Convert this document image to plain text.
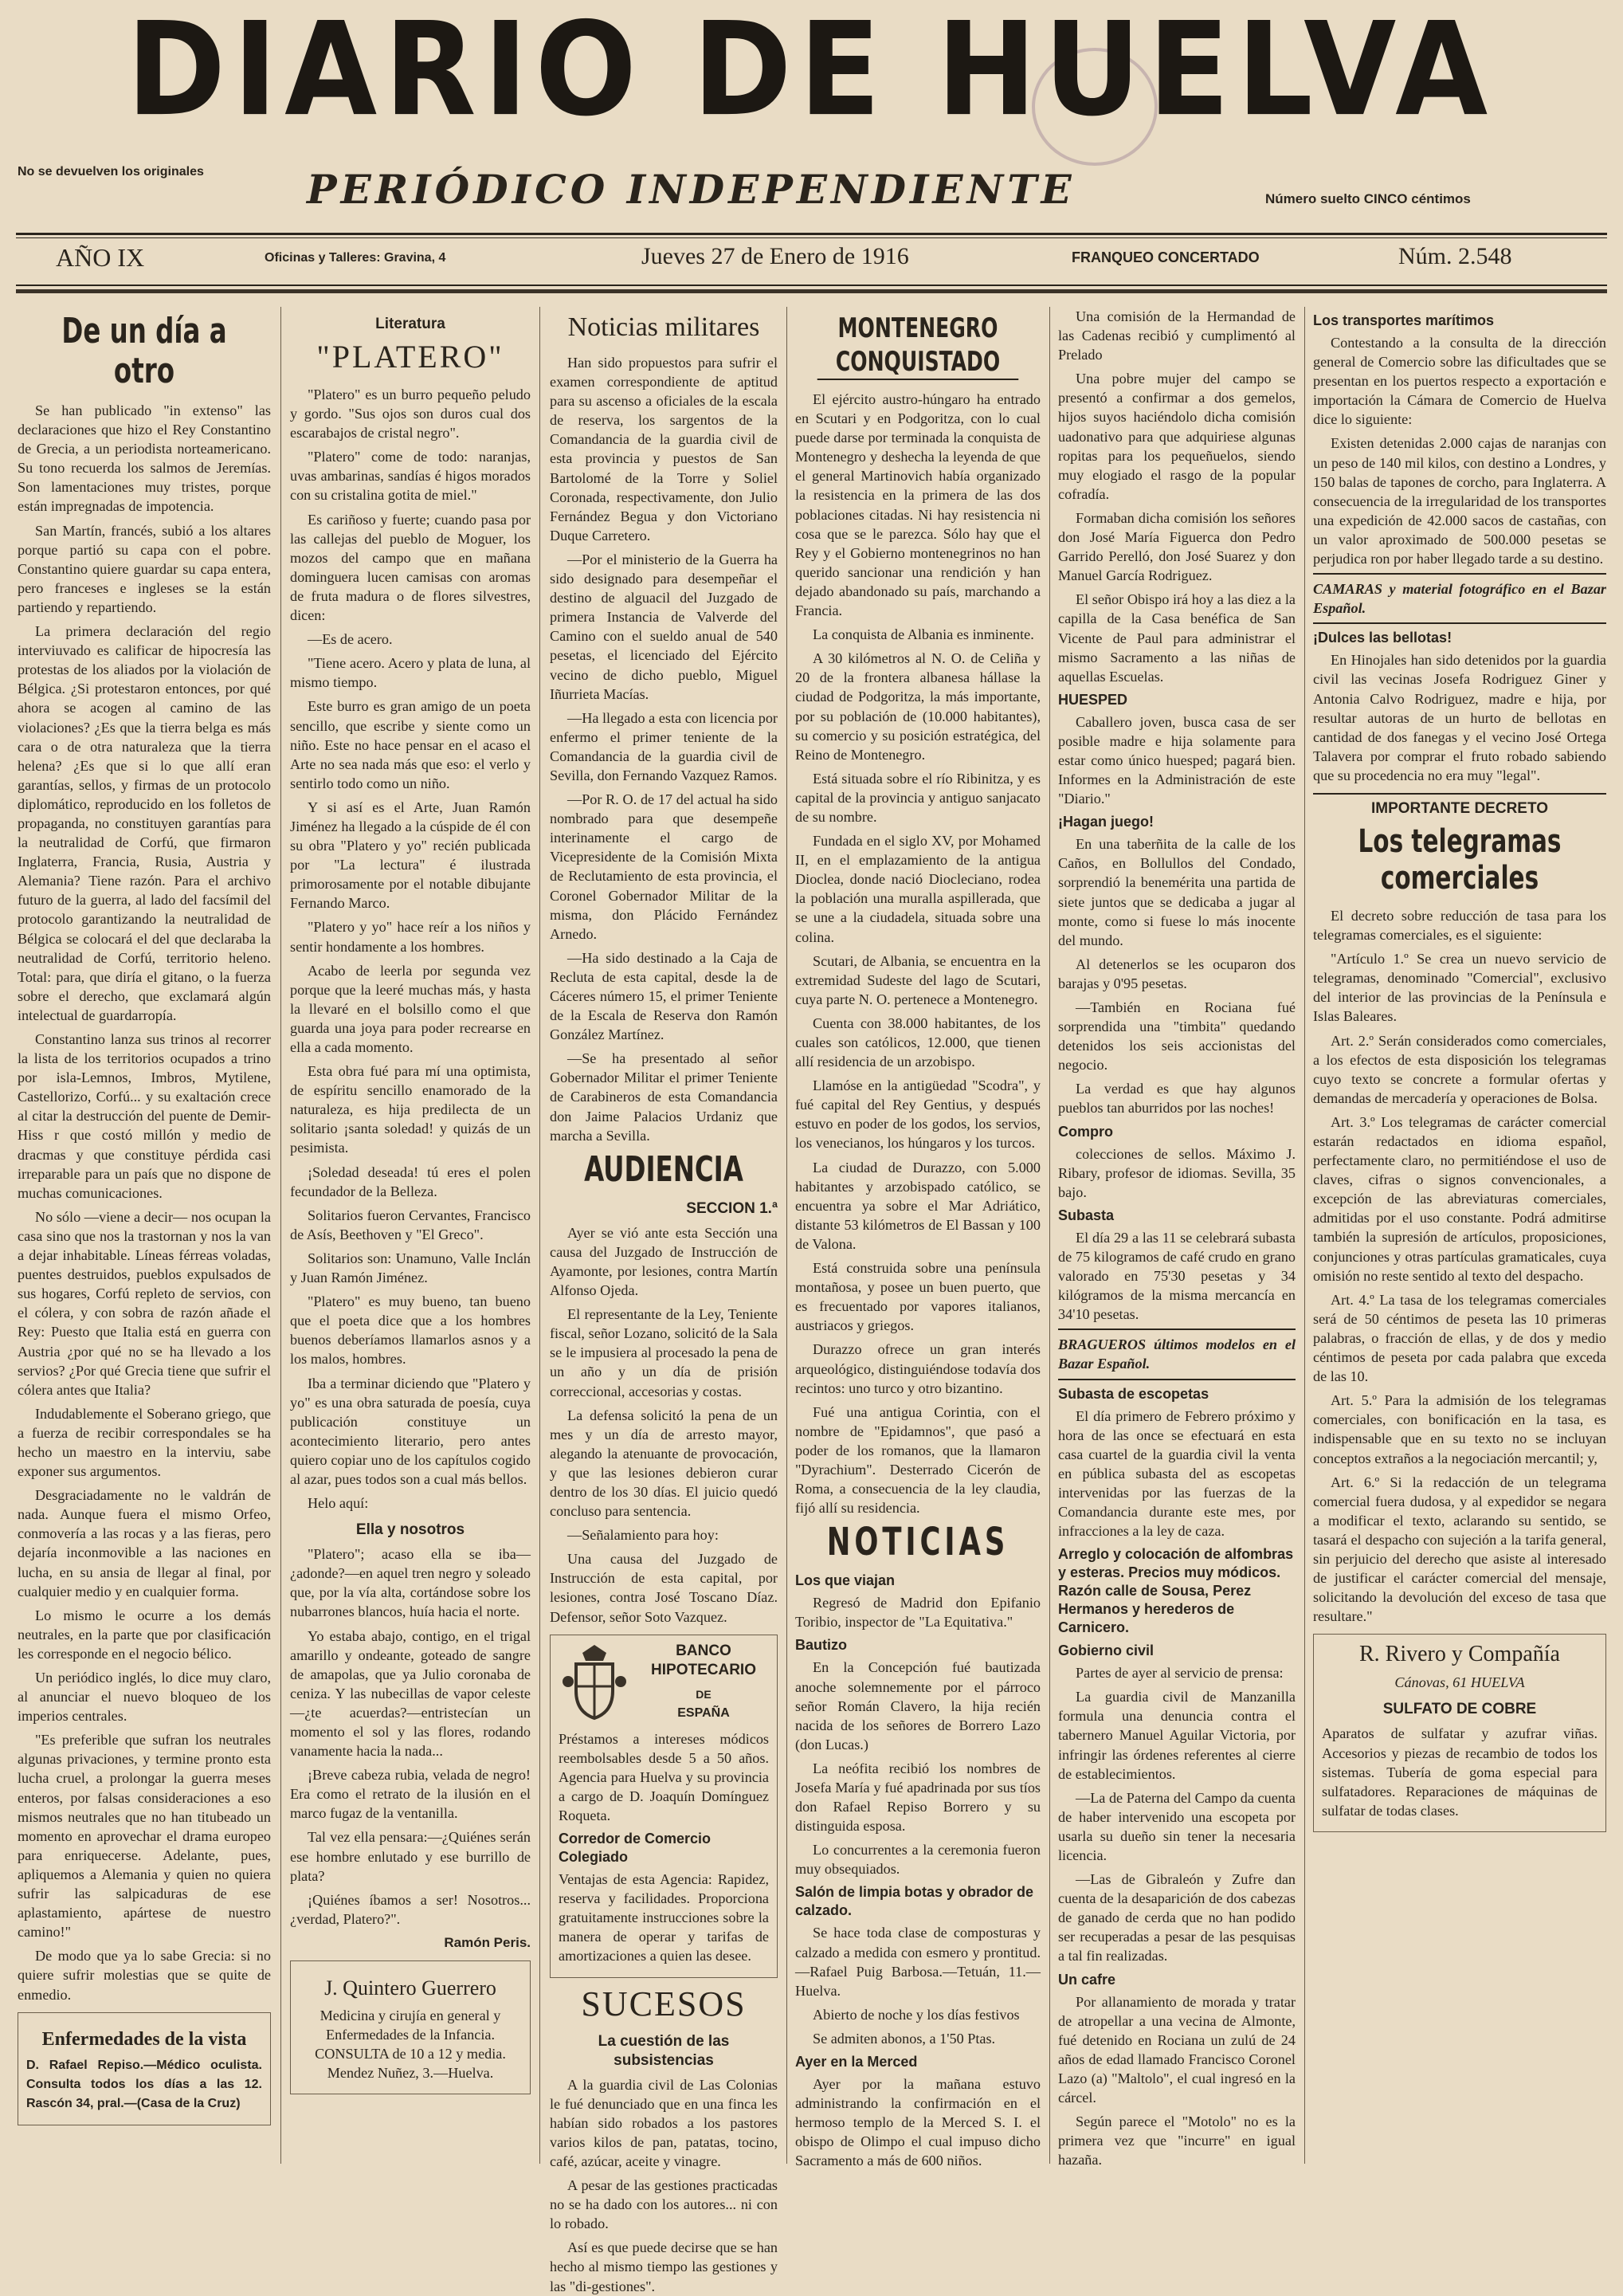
DIARIO DE HUELVA
No se devuelven los originales	PERIÓDICO INDEPENDIENTE	Número suelto CINCO céntimos
AÑO IX	Oficinas y Talleres: Gravina, 4	Jueves 27 de Enero de 1916	FRANQUEO CONCERTADO	Núm. 2.548
De un día a otro

Se han publicado "in extenso" las declaraciones que hizo el Rey Constantino de Grecia, a un periodista norteamericano. Su tono recuerda los salmos de Jeremías. Son lamentaciones muy tristes, porque están impregnadas de impotencia.

San Martín, francés, subió a los altares porque partió su capa con el pobre. Constantino quiere guardar su capa entera, pero franceses e ingleses se la están partiendo y repartiendo.

La primera declaración del regio interviuvado es calificar de hipocresía las protestas de los aliados por la violación de Bélgica. ¿Si protestaron entonces, por qué ahora se acogen al camino de las violaciones? ¿Es que la tierra belga es más cara o de otra naturaleza que la tierra helena? ¿Es que si lo que allí eran garantías, sellos, y firmas de un protocolo diplomático, reproducido en los folletos de propaganda, no constituyen garantías para la neutralidad de Corfú, que firmaron Inglaterra, Francia, Rusia, Austria y Alemania? Tiene razón. Para el archivo futuro de la guerra, al lado del facsímil del protocolo garantizando la neutralidad de Bélgica se colocará el del que declaraba la neutralidad de Corfú, territorio heleno. Total: para, que diría el gitano, o la fuerza sobre el derecho, que exclamará algún intelectual de guardarropía.

Constantino lanza sus trinos al recorrer la lista de los territorios ocupados a trino por isla-Lemnos, Imbros, Mytilene, Castellorizo, Corfú... y su exaltación crece al citar la destrucción del puente de Demir-Hiss r que costó millón y medio de dracmas y que constituye pérdida casi irreparable para un país que no dispone de muchas comunicaciones.

No sólo —viene a decir— nos ocupan la casa sino que nos la trastornan y nos la van a dejar inhabitable. Líneas férreas voladas, puentes destruidos, pueblos expulsados de sus hogares, Corfú repleto de servios, con el cólera, y con sobra de razón añade el Rey: Puesto que Italia está en guerra con Austria ¿por qué no se ha llevado a los servios? ¿Por qué Grecia tiene que sufrir el cólera antes que Italia?

Indudablemente el Soberano griego, que a fuerza de recibir correspondales se ha hecho un maestro en la interviu, sabe exponer sus argumentos.

Desgraciadamente no le valdrán de nada. Aunque fuera el mismo Orfeo, conmovería a las rocas y a las fieras, pero dejaría inconmovible a las naciones en lucha, en su ansia de llegar al final, por cualquier medio y en cualquier forma.

Lo mismo le ocurre a los demás neutrales, en la parte que por clasificación les corresponde en el negocio bélico.

Un periódico inglés, lo dice muy claro, al anunciar el nuevo bloqueo de los imperios centrales.

"Es preferible que sufran los neutrales algunas privaciones, y termine pronto esta lucha cruel, a prolongar la guerra meses enteros, por falsas consideraciones a eso mismos neutrales que no han titubeado un momento en aprovechar el drama europeo para enriquecerse. Adelante, pues, apliquemos a Alemania y quien no quiera sufrir las salpicaduras de ese aplastamiento, apártese de nuestro camino!"

De modo que ya lo sabe Grecia: si no quiere sufrir molestias que se quite de enmedio.

Enfermedades de la vista

D. Rafael Repiso.—Médico oculista. Consulta todos los días a las 12. Rascón 34, pral.—(Casa de la Cruz)

Literatura
"PLATERO"

"Platero" es un burro pequeño peludo y gordo. "Sus ojos son duros cual dos escarabajos de cristal negro".

"Platero" come de todo: naranjas, uvas ambarinas, sandías é higos morados con su cristalina gotita de miel."

Es cariñoso y fuerte; cuando pasa por las callejas del pueblo de Moguer, los mozos del campo que en mañana dominguera lucen camisas con aromas de fruta madura o de flores silvestres, dicen:

—Es de acero.

"Tiene acero. Acero y plata de luna, al mismo tiempo.

Este burro es gran amigo de un poeta sencillo, que escribe y siente como un niño. Este no hace pensar en el acaso el Arte no sea nada más que eso: el verlo y sentirlo todo como un niño.

Y si así es el Arte, Juan Ramón Jiménez ha llegado a la cúspide de él con su obra "Platero y yo" recién publicada por "La lectura" é ilustrada primorosamente por el notable dibujante Fernando Marco.

"Platero y yo" hace reír a los niños y sentir hondamente a los hombres.

Acabo de leerla por segunda vez porque que la leeré muchas más, y hasta la llevaré en el bolsillo como el que guarda una joya para poder recrearse en ella a cada momento.

Esta obra fué para mí una optimista, de espíritu sencillo enamorado de la naturaleza, es hija predilecta de un solitario ¡santa soledad! y quizás de un pesimista.

¡Soledad deseada! tú eres el polen fecundador de la Belleza.

Solitarios fueron Cervantes, Francisco de Asís, Beethoven y "El Greco".

Solitarios son: Unamuno, Valle Inclán y Juan Ramón Jiménez.

"Platero" es muy bueno, tan bueno que el poeta dice que a los hombres buenos deberíamos llamarlos asnos y a los malos, hombres.

Iba a terminar diciendo que "Platero y yo" es una obra saturada de poesía, cuya publicación constituye un acontecimiento literario, pero antes quiero copiar uno de los capítulos cogido al azar, pues todos son a cual más bellos.

Helo aquí:

Ella y nosotros

"Platero"; acaso ella se iba—¿adonde?—en aquel tren negro y soleado que, por la vía alta, cortándose sobre los nubarrones blancos, huía hacia el norte.

Yo estaba abajo, contigo, en el trigal amarillo y ondeante, goteado de sangre de amapolas, que ya Julio coronaba de ceniza. Y las nubecillas de vapor celeste—¿te acuerdas?—entristecían un momento el sol y las flores, rodando vanamente hacia la nada...

¡Breve cabeza rubia, velada de negro! Era como el retrato de la ilusión en el marco fugaz de la ventanilla.

Tal vez ella pensara:—¿Quiénes serán ese hombre enlutado y ese burrillo de plata?

¡Quiénes íbamos a ser! Nosotros... ¿verdad, Platero?".

Ramón Peris.

J. Quintero Guerrero

Medicina y cirujía en general y Enfermedades de la Infancia. CONSULTA de 10 a 12 y media. Mendez Nuñez, 3.—Huelva.

Noticias militares

Han sido propuestos para sufrir el examen correspondiente de aptitud para su ascenso a oficiales de la escala de reserva, los sargentos de la Comandancia de la guardia civil de esta provincia y puestos de San Bartolomé de la Torre y Soliel Coronada, respectivamente, don Julio Fernández Begua y don Victoriano Duque Carretero.

—Por el ministerio de la Guerra ha sido designado para desempeñar el destino de alguacil del Juzgado de primera Instancia de Valverde del Camino con el sueldo anual de 540 pesetas, el licenciado del Ejército vecino de dicho pueblo, Miguel Iñurrieta Macías.

—Ha llegado a esta con licencia por enfermo el primer teniente de la Comandancia de la guardia civil de Sevilla, don Fernando Vazquez Ramos.

—Por R. O. de 17 del actual ha sido nombrado para que desempeñe interinamente el cargo de Vicepresidente de la Comisión Mixta de Reclutamiento de esta provincia, el Coronel Gobernador Militar de la misma, don Plácido Fernández Arnedo.

—Ha sido destinado a la Caja de Recluta de esta capital, desde la de Cáceres número 15, el primer Teniente de la Escala de Reserva don Ramón González Martínez.

—Se ha presentado al señor Gobernador Militar el primer Teniente de Carabineros de esta Comandancia don Jaime Palacios Urdaniz que marcha a Sevilla.

AUDIENCIA
SECCION 1.ª

Ayer se vió ante esta Sección una causa del Juzgado de Instrucción de Ayamonte, por lesiones, contra Martín Alfonso Ojeda.

El representante de la Ley, Teniente fiscal, señor Lozano, solicitó de la Sala se le impusiera al procesado la pena de un año y un día de prisión correccional, accesorias y costas.

La defensa solicitó la pena de un mes y un día de arresto mayor, alegando la atenuante de provocación, y que las lesiones debieron curar dentro de los 30 días. El juicio quedó concluso para sentencia.

—Señalamiento para hoy:

Una causa del Juzgado de Instrucción de esta capital, por lesiones, contra José Toscano Díaz. Defensor, señor Soto Vazquez.

BANCO HIPOTECARIO
DE
ESPAÑA

Préstamos a intereses módicos reembolsables desde 5 a 50 años. Agencia para Huelva y su provincia a cargo de D. Joaquín Domínguez Roqueta.

Corredor de Comercio Colegiado

Ventajas de esta Agencia: Rapidez, reserva y facilidades. Proporciona gratuitamente instrucciones sobre la manera de operar y tarifas de amortizaciones a quien las desee.

SUCESOS
La cuestión de las subsistencias

A la guardia civil de Las Colonias le fué denunciado que en una finca les habían sido robados a los pastores varios kilos de pan, patatas, tocino, café, azúcar, aceite y vinagre.

A pesar de las gestiones practicadas no se ha dado con los autores... ni con lo robado.

Así es que puede decirse que se han hecho al mismo tiempo las gestiones y las "di-gestiones".

MONTENEGRO CONQUISTADO

El ejército austro-húngaro ha entrado en Scutari y en Podgoritza, con lo cual puede darse por terminada la conquista de Montenegro y deshecha la leyenda de que el general Martinovich había organizado la resistencia en la primera de las dos poblaciones citadas. Ni hay resistencia ni cosa que se le parezca. Sólo hay que el Rey y el Gobierno montenegrinos no han querido sancionar una rendición y han dejado abandonado su país, marchando a Francia.

La conquista de Albania es inminente.

A 30 kilómetros al N. O. de Celiña y 20 de la frontera albanesa hállase la ciudad de Podgoritza, la más importante, por su población de (10.000 habitantes), su comercio y su posición estratégica, del Reino de Montenegro.

Está situada sobre el río Ribinitza, y es capital de la provincia y antiguo sanjacato de su nombre.

Fundada en el siglo XV, por Mohamed II, en el emplazamiento de la antigua Dioclea, donde nació Diocleciano, rodea la población una muralla aspillerada, que se une a la ciudadela, situada sobre una colina.

Scutari, de Albania, se encuentra en la extremidad Sudeste del lago de Scutari, cuya parte N. O. pertenece a Montenegro.

Cuenta con 38.000 habitantes, de los cuales son católicos, 12.000, que tienen allí residencia de un arzobispo.

Llamóse en la antigüedad "Scodra", y fué capital del Rey Gentius, y después estuvo en poder de los godos, los servios, los venecianos, los húngaros y los turcos.

La ciudad de Durazzo, con 5.000 habitantes y arzobispado católico, se encuentra ya sobre el Mar Adriático, distante 53 kilómetros de El Bassan y 100 de Valona.

Está construida sobre una península montañosa, y posee un buen puerto, que es frecuentado por vapores italianos, austriacos y griegos.

Durazzo ofrece un gran interés arqueológico, distinguiéndose todavía dos recintos: uno turco y otro bizantino.

Fué una antigua Corintia, con el nombre de "Epidamnos", que pasó a poder de los romanos, que la llamaron "Dyrachium". Desterrado Cicerón de Roma, a consecuencia de la ley claudia, fijó allí su residencia.

NOTICIAS
Los que viajan

Regresó de Madrid don Epifanio Toribio, inspector de "La Equitativa."

Bautizo

En la Concepción fué bautizada anoche solemnemente por el párroco señor Román Clavero, la hija recién nacida de los señores de Borrero Lazo (don Lucas.)

La neófita recibió los nombres de Josefa María y fué apadrinada por sus tíos don Rafael Repiso Borrero y su distinguida esposa.

Lo concurrentes a la ceremonia fueron muy obsequiados.

Salón de limpia botas y obrador de calzado.

Se hace toda clase de composturas y calzado a medida con esmero y prontitud.—Rafael Puig Barbosa.—Tetuán, 11.—Huelva.

Abierto de noche y los días festivos

Se admiten abonos, a 1'50 Ptas.

Ayer en la Merced

Ayer por la mañana estuvo administrando la confirmación en el hermoso templo de la Merced S. I. el obispo de Olimpo el cual impuso dicho Sacramento a más de 600 niños.

Una comisión de la Hermandad de las Cadenas recibió y cumplimentó al Prelado

Una pobre mujer del campo se presentó a confirmar a dos gemelos, hijos suyos haciéndolo dicha comisión uadonativo para que adquiriese algunas ropitas para los pequeñuelos, siendo muy elogiado el rasgo de la popular cofradía.

Formaban dicha comisión los señores don José María Figuerca don Pedro Garrido Perelló, don José Suarez y don Manuel García Rodriguez.

El señor Obispo irá hoy a las diez a la capilla de la Casa benéfica de San Vicente de Paul para administrar el mismo Sacramento a las niñas de aquellas Escuelas.

HUESPED

Caballero joven, busca casa de ser posible madre e hija solamente para estar como único huesped; pagará bien. Informes en la Administración de este "Diario."

¡Hagan juego!

En una taberñita de la calle de los Caños, en Bollullos del Condado, sorprendió la benemérita una partida de siete juntos que se dedicaba a jugar al monte, como si fuese lo más inocente del mundo.

Al detenerlos se les ocuparon dos barajas y 0'95 pesetas.

—También en Rociana fué sorprendida una "timbita" quedando detenidos los seis accionistas del negocio.

La verdad es que hay algunos pueblos tan aburridos por las noches!

Compro

colecciones de sellos. Máximo J. Ribary, profesor de idiomas. Sevilla, 35 bajo.

Subasta

El día 29 a las 11 se celebrará subasta de 75 kilogramos de café crudo en grano valorado en 75'30 pesetas y 34 kilógramos de la misma mercancía en 34'10 pesetas.

BRAGUEROS últimos modelos en el Bazar Español.

Subasta de escopetas

El día primero de Febrero próximo y hora de las once se efectuará en esta casa cuartel de la guardia civil la venta en pública subasta del as escopetas intervenidas por las fuerzas de la Comandancia durante este mes, por infracciones a la ley de caza.

Arreglo y colocación de alfombras y esteras. Precios muy módicos. Razón calle de Sousa, Perez Hermanos y herederos de Carnicero.
Gobierno civil

Partes de ayer al servicio de prensa:

La guardia civil de Manzanilla formula una denuncia contra el tabernero Manuel Aguilar Victoria, por infringir las órdenes referentes al cierre de establecimientos.

—La de Paterna del Campo da cuenta de haber intervenido una escopeta por usarla su dueño sin tener la necesaria licencia.

—Las de Gibraleón y Zufre dan cuenta de la desaparición de dos cabezas de ganado de cerda que no han podido ser recuperadas a pesar de las pesquisas a tal fin realizadas.

Un cafre

Por allanamiento de morada y tratar de atropellar a una vecina de Almonte, fué detenido en Rociana un zulú de 24 años de edad llamado Francisco Coronel Lazo (a) "Maltolo", el cual ingresó en la cárcel.

Según parece el "Motolo" no es la primera vez que "incurre" en igual hazaña.

Los transportes marítimos

Contestando a la consulta de la dirección general de Comercio sobre las dificultades que se presentan en los puertos respecto a exportación e importación la Cámara de Comercio de Huelva dice lo siguiente:

Existen detenidas 2.000 cajas de naranjas con un peso de 140 mil kilos, con destino a Londres, y 150 balas de tapones de corcho, para Inglaterra. A consecuencia de la irregularidad de los transportes una expedición de 42.000 sacos de castañas, con un valor aproximado de 500.000 pesetas se perjudica ron por haber llegado tarde a su destino.

CAMARAS y material fotográfico en el Bazar Español.

¡Dulces las bellotas!

En Hinojales han sido detenidos por la guardia civil las vecinas Josefa Rodriguez Giner y Antonia Calvo Rodriguez, madre e hija, por resultar autoras de un hurto de bellotas en cantidad de dos fanegas y el vecino José Ortega Talavera por comprar el fruto robado sabiendo que su procedencia no era muy "legal".

IMPORTANTE DECRETO
Los telegramas comerciales

El decreto sobre reducción de tasa para los telegramas comerciales, es el siguiente:

"Artículo 1.º Se crea un nuevo servicio de telegramas, denominado "Comercial", exclusivo del interior de las provincias de la Península e Islas Baleares.

Art. 2.º Serán considerados como comerciales, a los efectos de esta disposición los telegramas cuyo texto se concrete a formular ofertas y demandas de mercadería y operaciones de Bolsa.

Art. 3.º Los telegramas de carácter comercial estarán redactados en idioma español, perfectamente claro, no permitiéndose el uso de claves, cifras o signos convencionales, a excepción de las abreviaturas comerciales, admitidas por el uso constante. Podrá admitirse también la supresión de artículos, proposiciones, conjunciones y otras partículas gramaticales, cuya omisión no reste sentido al texto del despacho.

Art. 4.º La tasa de los telegramas comerciales será de 50 céntimos de peseta las 10 primeras palabras, o fracción de ellas, y de dos y medio céntimos de peseta por cada palabra que exceda de las 10.

Art. 5.º Para la admisión de los telegramas comerciales, con bonificación en la tasa, es indispensable que en su texto no se incluyan conceptos extraños a la negociación mercantil; y,

Art. 6.º Si la redacción de un telegrama comercial fuera dudosa, y al expedidor se negara a modificar el texto, aclarando su sentido, se tasará el despacho con sujeción a la tarifa general, sin perjuicio del derecho que asiste al interesado de justificar el carácter comercial del mensaje, solicitando la devolución del exceso de tasa que resultare."

R. Rivero y Compañía

Cánovas, 61 HUELVA

SULFATO DE COBRE

Aparatos de sulfatar y azufrar viñas. Accesorios y piezas de recambio de todos los sistemas. Tubería de goma especial para sulfatadores. Reparaciones de máquinas de sulfatar de todas clases.
